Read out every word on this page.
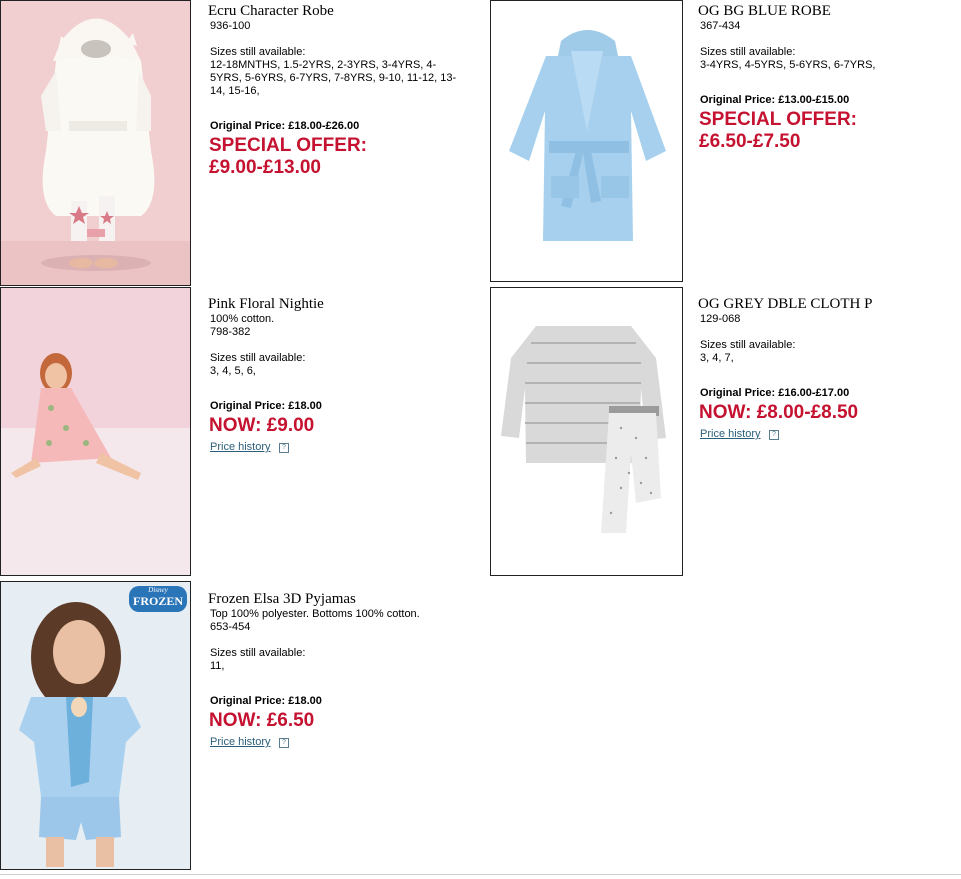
Ecru Character Robe

936-100

Sizes still available:

12-18MNTHS, 1.5-2YRS, 2-3YRS, 3-4YRS, 4-5YRS, 5-6YRS, 6-7YRS, 7-8YRS, 9-10, 11-12, 13-14, 15-16,

Original Price: £18.00-£26.00

SPECIAL OFFER:
£9.00-£13.00

OG BG BLUE ROBE

367-434

Sizes still available:

3-4YRS, 4-5YRS, 5-6YRS, 6-7YRS,

Original Price: £13.00-£15.00

SPECIAL OFFER:
£6.50-£7.50

Pink Floral Nightie

100% cotton.

798-382

Sizes still available:

3, 4, 5, 6,

Original Price: £18.00

NOW: £9.00
Price history ?

OG GREY DBLE CLOTH P

129-068

Sizes still available:

3, 4, 7,

Original Price: £16.00-£17.00

NOW: £8.00-£8.50
Price history ?
Disney
FROZEN Frozen Elsa 3D Pyjamas

Top 100% polyester. Bottoms 100% cotton.

653-454

Sizes still available:

11,

Original Price: £18.00

NOW: £6.50
Price history ?
